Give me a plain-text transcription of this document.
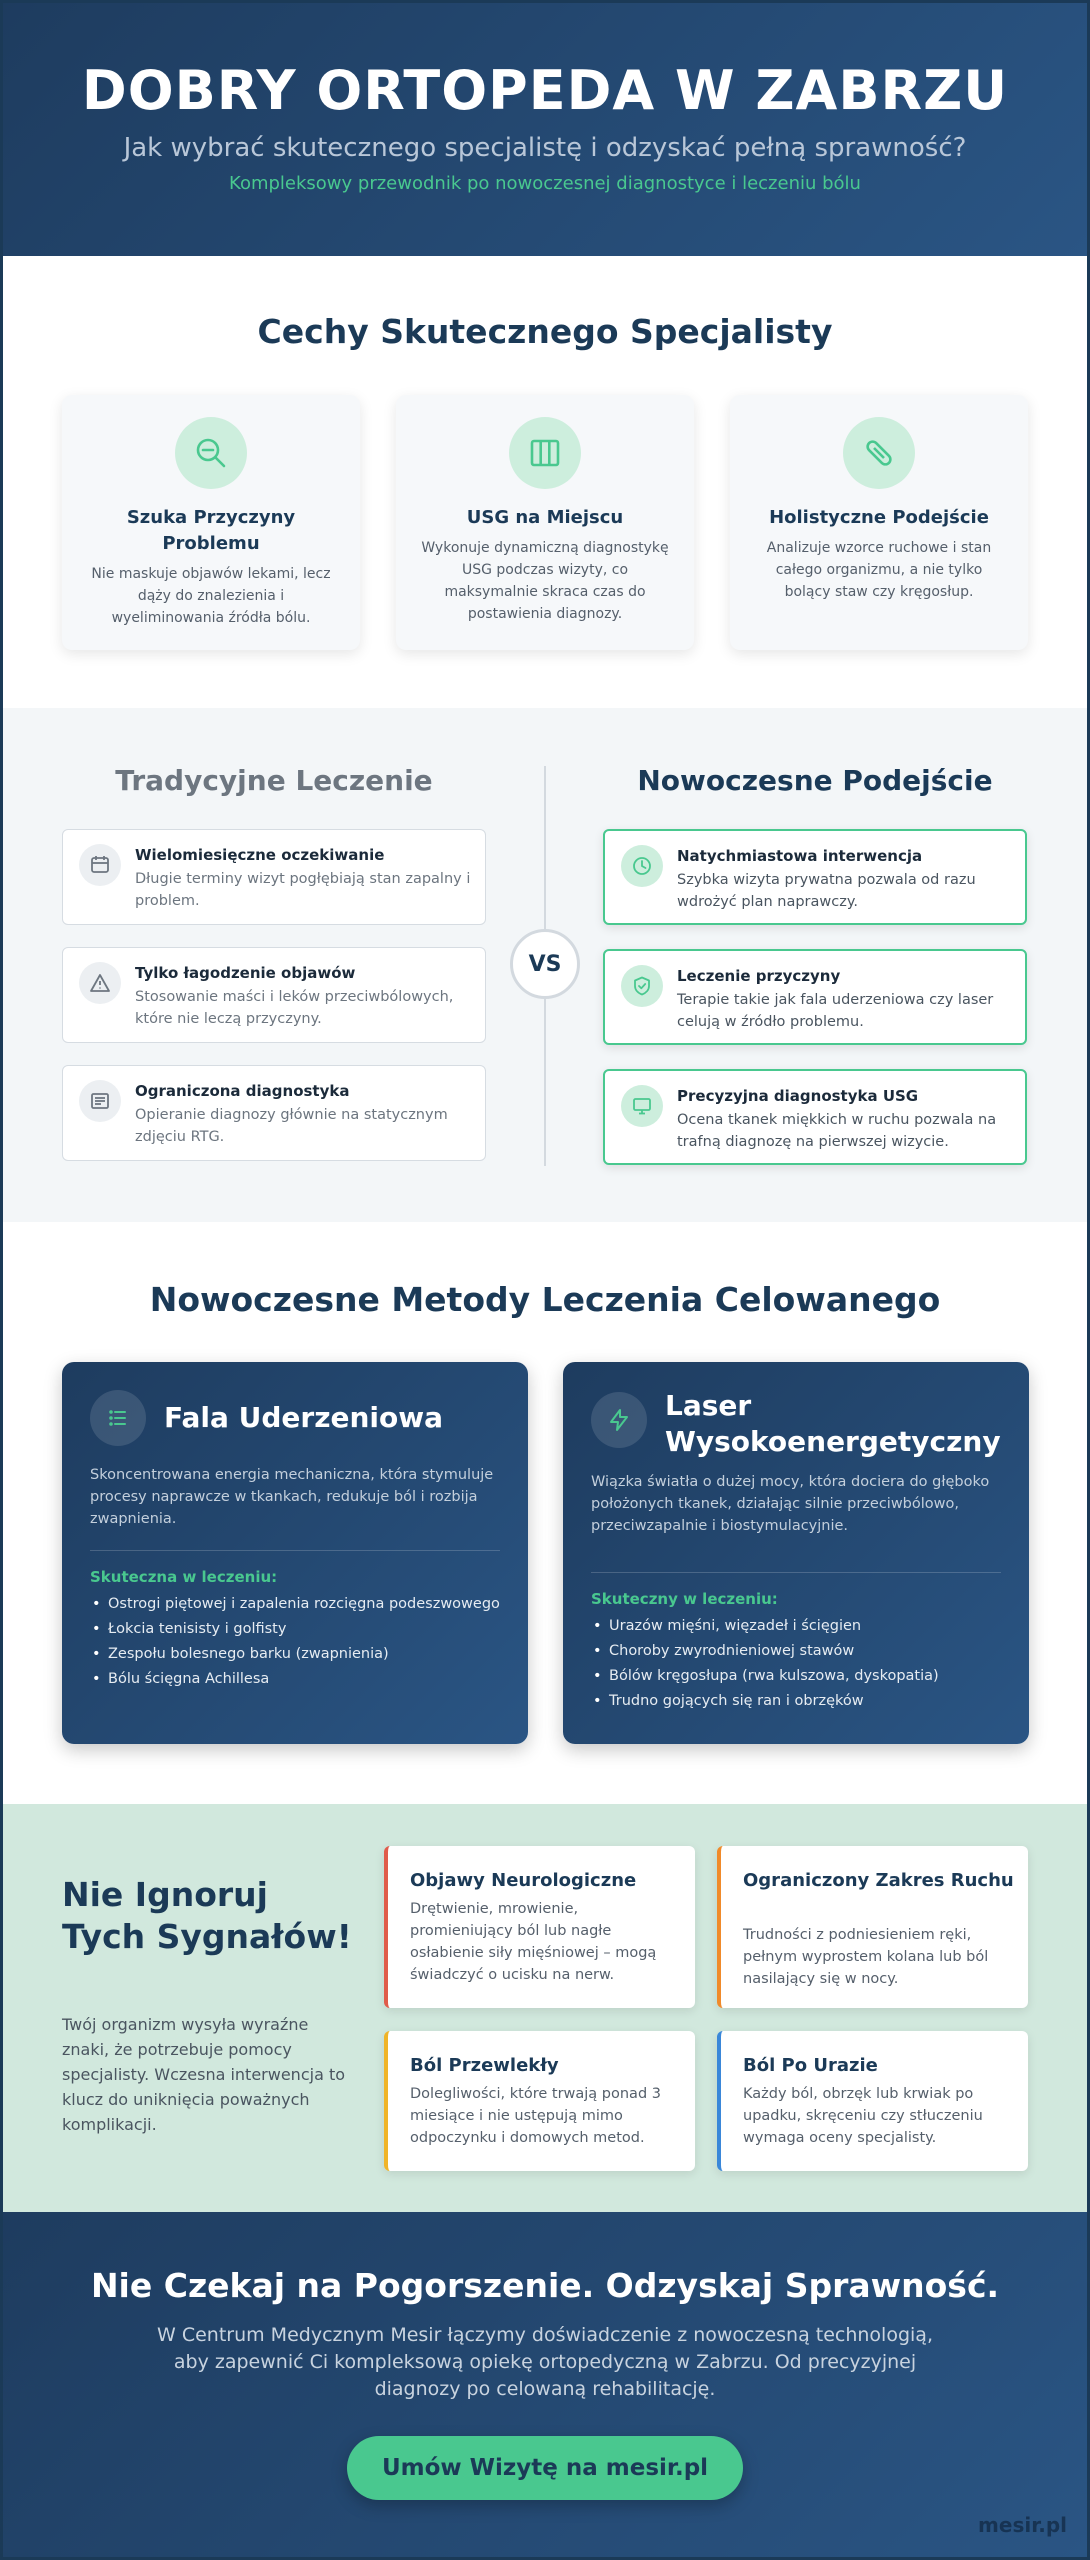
DOBRY ORTOPEDA W ZABRZU
Jak wybrać skutecznego specjalistę i odzyskać pełną sprawność?
Kompleksowy przewodnik po nowoczesnej diagnostyce i leczeniu bólu
Cechy Skutecznego Specjalisty
Szuka Przyczyny Problemu
Nie maskuje objawów lekami, lecz dąży do znalezienia i wyeliminowania źródła bólu.
USG na Miejscu
Wykonuje dynamiczną diagnostykę USG podczas wizyty, co maksymalnie skraca czas do postawienia diagnozy.
Holistyczne Podejście
Analizuje wzorce ruchowe i stan całego organizmu, a nie tylko bolący staw czy kręgosłup.
Tradycyjne Leczenie	Nowoczesne Podejście
VS
Wielomiesięczne oczekiwanie
Długie terminy wizyt pogłębiają stan zapalny i problem.
Tylko łagodzenie objawów
Stosowanie maści i leków przeciwbólowych, które nie leczą przyczyny.
Ograniczona diagnostyka
Opieranie diagnozy głównie na statycznym zdjęciu RTG.
Natychmiastowa interwencja
Szybka wizyta prywatna pozwala od razu wdrożyć plan naprawczy.
Leczenie przyczyny
Terapie takie jak fala uderzeniowa czy laser celują w źródło problemu.
Precyzyjna diagnostyka USG
Ocena tkanek miękkich w ruchu pozwala na trafną diagnozę na pierwszej wizycie.
Nowoczesne Metody Leczenia Celowanego
Fala Uderzeniowa
Skoncentrowana energia mechaniczna, która stymuluje procesy naprawcze w tkankach, redukuje ból i rozbija zwapnienia.
Skuteczna w leczeniu:
• Ostrogi piętowej i zapalenia rozcięgna podeszwowego
• Łokcia tenisisty i golfisty
• Zespołu bolesnego barku (zwapnienia)
• Bólu ścięgna Achillesa
Laser Wysokoenergetyczny
Wiązka światła o dużej mocy, która dociera do głęboko położonych tkanek, działając silnie przeciwbólowo, przeciwzapalnie i biostymulacyjnie.
Skuteczny w leczeniu:
• Urazów mięśni, więzadeł i ścięgien
• Choroby zwyrodnieniowej stawów
• Bólów kręgosłupa (rwa kulszowa, dyskopatia)
• Trudno gojących się ran i obrzęków
Nie Ignoruj Tych Sygnałów!
Twój organizm wysyła wyraźne znaki, że potrzebuje pomocy specjalisty. Wczesna interwencja to klucz do uniknięcia poważnych komplikacji.
Objawy Neurologiczne
Drętwienie, mrowienie, promieniujący ból lub nagłe osłabienie siły mięśniowej – mogą świadczyć o ucisku na nerw.
Ograniczony Zakres Ruchu
Trudności z podniesieniem ręki, pełnym wyprostem kolana lub ból nasilający się w nocy.
Ból Przewlekły
Dolegliwości, które trwają ponad 3 miesiące i nie ustępują mimo odpoczynku i domowych metod.
Ból Po Urazie
Każdy ból, obrzęk lub krwiak po upadku, skręceniu czy stłuczeniu wymaga oceny specjalisty.
Nie Czekaj na Pogorszenie. Odzyskaj Sprawność.
W Centrum Medycznym Mesir łączymy doświadczenie z nowoczesną technologią, aby zapewnić Ci kompleksową opiekę ortopedyczną w Zabrzu. Od precyzyjnej diagnozy po celowaną rehabilitację.
Umów Wizytę na mesir.pl
mesir.pl
